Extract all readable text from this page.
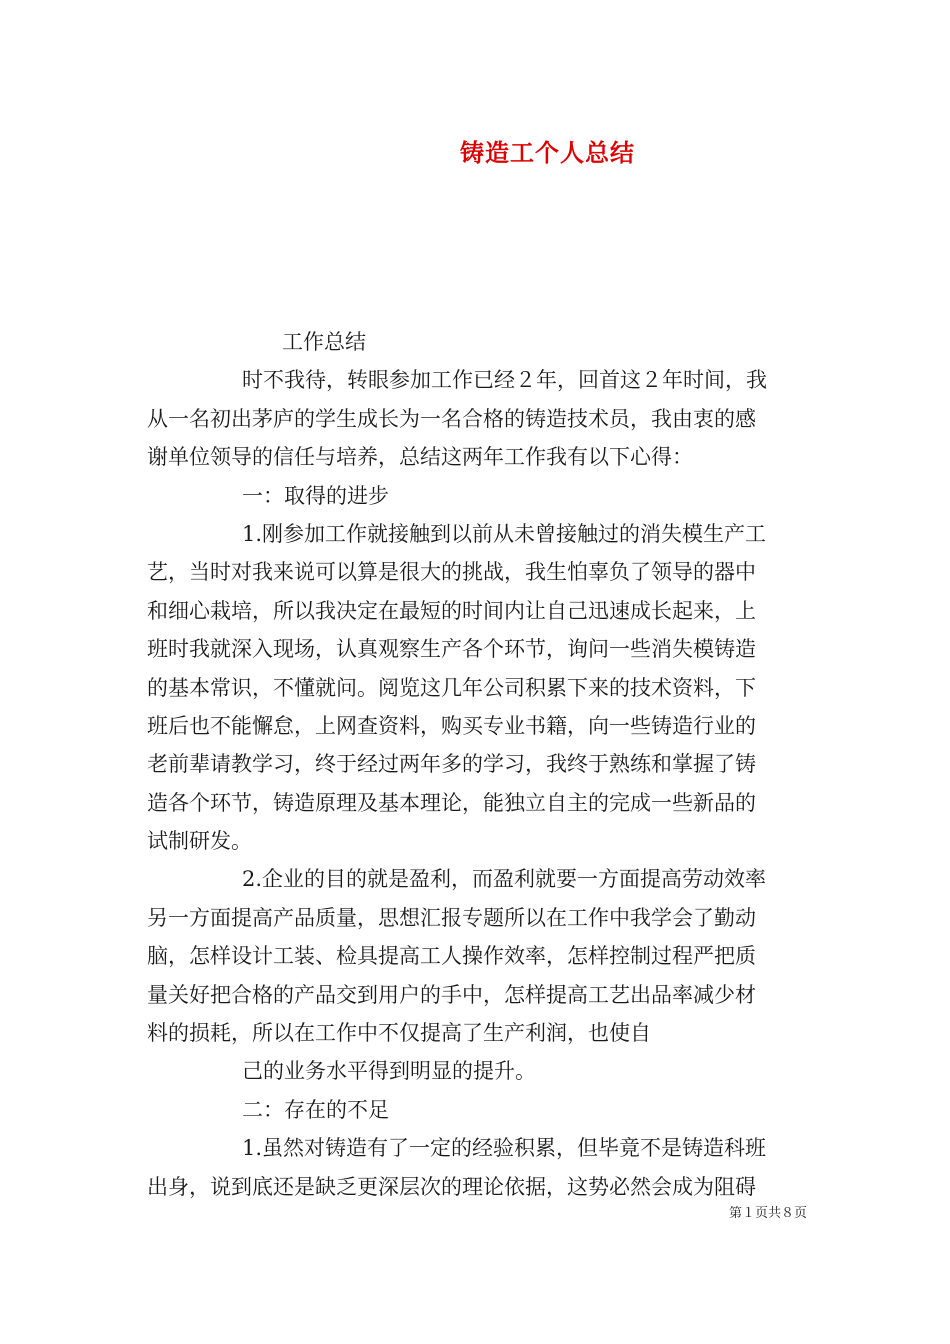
铸造工个人总结
工作总结
时不我待，转眼参加工作已经２年，回首这２年时间，我
从一名初出茅庐的学生成长为一名合格的铸造技术员，我由衷的感
谢单位领导的信任与培养，总结这两年工作我有以下心得：
一：取得的进步
1.刚参加工作就接触到以前从未曾接触过的消失模生产工
艺，当时对我来说可以算是很大的挑战，我生怕辜负了领导的器中
和细心栽培，所以我决定在最短的时间内让自己迅速成长起来，上
班时我就深入现场，认真观察生产各个环节，询问一些消失模铸造
的基本常识，不懂就问。阅览这几年公司积累下来的技术资料，下
班后也不能懈怠，上网查资料，购买专业书籍，向一些铸造行业的
老前辈请教学习，终于经过两年多的学习，我终于熟练和掌握了铸
造各个环节，铸造原理及基本理论，能独立自主的完成一些新品的
试制研发。
2.企业的目的就是盈利，而盈利就要一方面提高劳动效率
另一方面提高产品质量，思想汇报专题所以在工作中我学会了勤动
脑，怎样设计工装、检具提高工人操作效率，怎样控制过程严把质
量关好把合格的产品交到用户的手中，怎样提高工艺出品率减少材
料的损耗，所以在工作中不仅提高了生产利润，也使自
己的业务水平得到明显的提升。
二：存在的不足
1.虽然对铸造有了一定的经验积累，但毕竟不是铸造科班
出身，说到底还是缺乏更深层次的理论依据，这势必然会成为阻碍
第１页共８页
